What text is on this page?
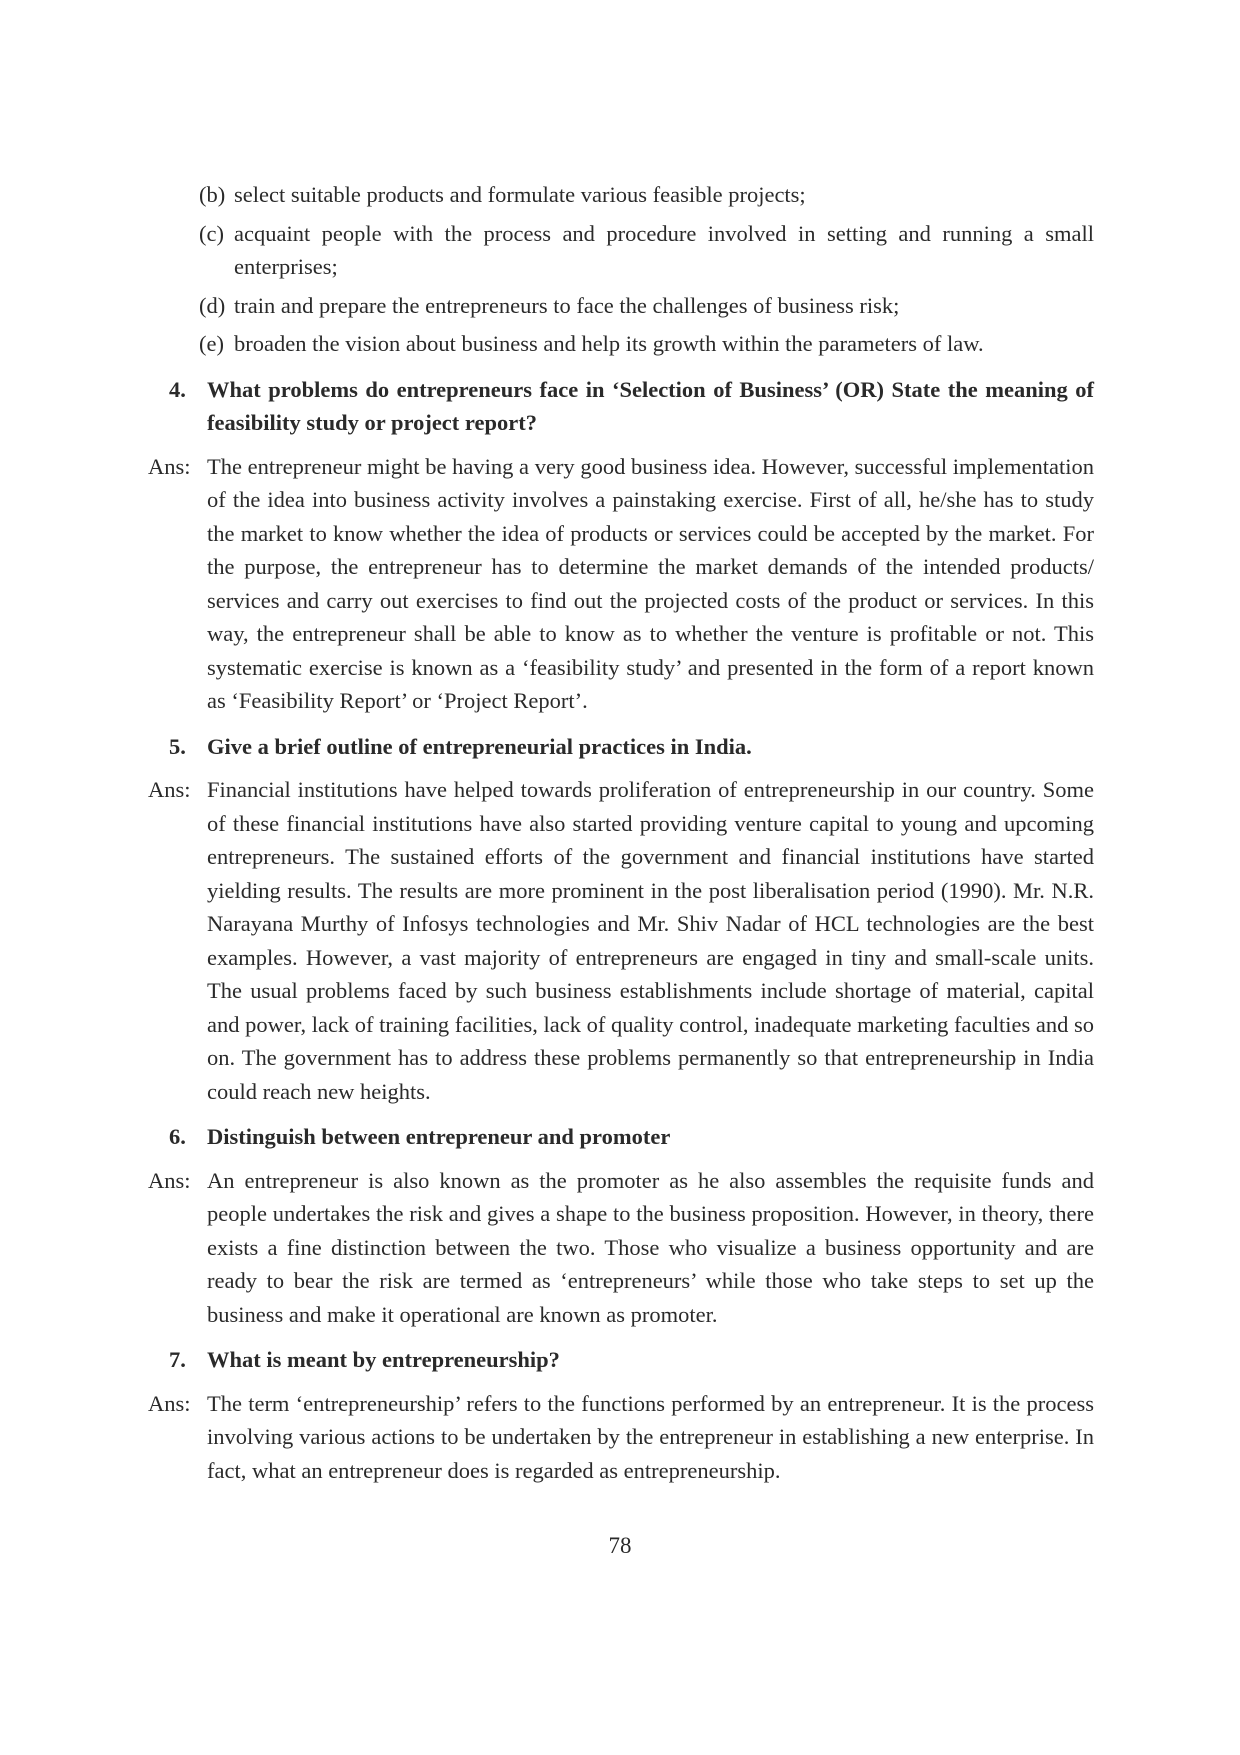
(b) select suitable products and formulate various feasible projects;
(c) acquaint people with the process and procedure involved in setting and running a small enterprises;
(d) train and prepare the entrepreneurs to face the challenges of business risk;
(e) broaden the vision about business and help its growth within the parameters of law.
4. What problems do entrepreneurs face in ‘Selection of Business’ (OR) State the meaning of feasibility study or project report?
Ans: The entrepreneur might be having a very good business idea. However, successful implementation of the idea into business activity involves a painstaking exercise. First of all, he/she has to study the market to know whether the idea of products or services could be accepted by the market. For the purpose, the entrepreneur has to determine the market demands of the intended products/ services and carry out exercises to find out the projected costs of the product or services. In this way, the entrepreneur shall be able to know as to whether the venture is profitable or not. This systematic exercise is known as a ‘feasibility study’ and presented in the form of a report known as ‘Feasibility Report’ or ‘Project Report’.
5. Give a brief outline of entrepreneurial practices in India.
Ans: Financial institutions have helped towards proliferation of entrepreneurship in our country. Some of these financial institutions have also started providing venture capital to young and upcoming entrepreneurs. The sustained efforts of the government and financial institutions have started yielding results. The results are more prominent in the post liberalisation period (1990). Mr. N.R. Narayana Murthy of Infosys technologies and Mr. Shiv Nadar of HCL technologies are the best examples. However, a vast majority of entrepreneurs are engaged in tiny and small-scale units. The usual problems faced by such business establishments include shortage of material, capital and power, lack of training facilities, lack of quality control, inadequate marketing faculties and so on. The government has to address these problems permanently so that entrepreneurship in India could reach new heights.
6. Distinguish between entrepreneur and promoter
Ans: An entrepreneur is also known as the promoter as he also assembles the requisite funds and people undertakes the risk and gives a shape to the business proposition. However, in theory, there exists a fine distinction between the two. Those who visualize a business opportunity and are ready to bear the risk are termed as ‘entrepreneurs’ while those who take steps to set up the business and make it operational are known as promoter.
7. What is meant by entrepreneurship?
Ans: The term ‘entrepreneurship’ refers to the functions performed by an entrepreneur. It is the process involving various actions to be undertaken by the entrepreneur in establishing a new enterprise. In fact, what an entrepreneur does is regarded as entrepreneurship.
78
